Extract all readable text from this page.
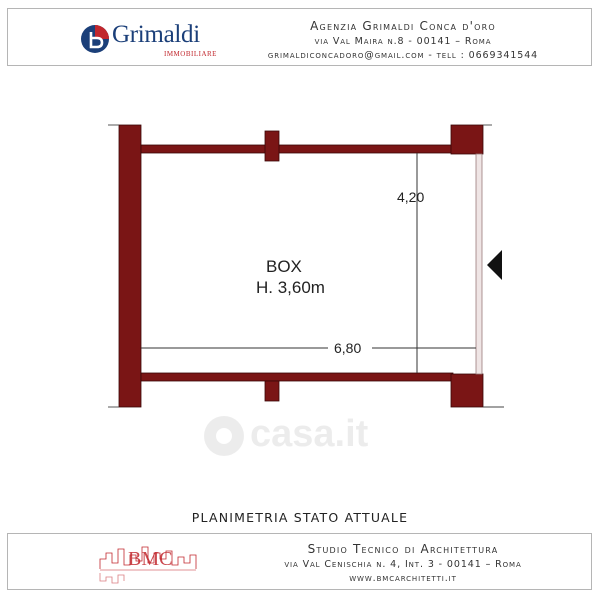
Grimaldi
IMMOBILIARE
Agenzia Grimaldi Conca d'oro
via Val Maira n.8 - 00141 – Roma
grimaldiconcadoro@gmail.com - tell : 0669341544
BOX
H. 3,60m
4,20
6,80
casa.it
PLANIMETRIA STATO ATTUALE
BMC	Studio Tecnico di Architettura
via Val Cenischia n. 4, Int. 3 - 00141 – Roma
www.bmcarchitetti.it
